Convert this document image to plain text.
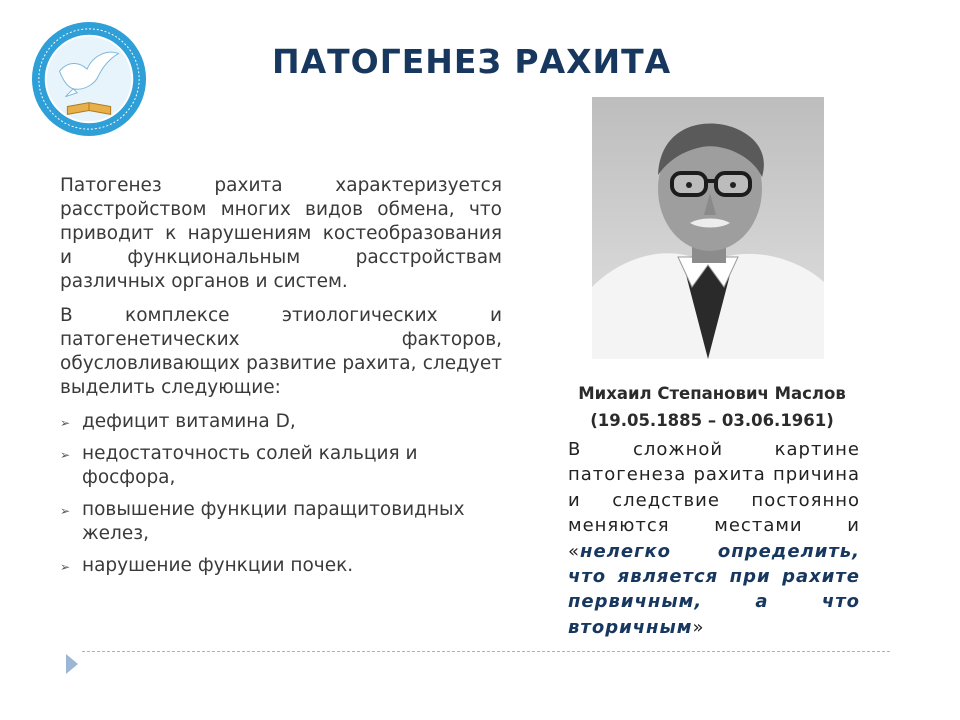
ПАТОГЕНЕЗ РАХИТА

Патогенез рахита характеризуется расстройством многих видов обмена, что приводит к нарушениям костеобразования и функциональным расстройствам различных органов и систем.

В комплексе этиологических и патогенетических факторов, обусловливающих развитие рахита, следует выделить следующие:

➢ дефицит витамина D,
➢ недостаточность солей кальция и фосфора,
➢ повышение функции паращитовидных желез,
➢ нарушение функции почек.
Михаил Степанович Маслов
(19.05.1885 – 03.06.1961)
В сложной картине патогенеза рахита причина и следствие постоянно меняются местами и «нелегко определить, что является при рахите первичным, а что вторичным»
